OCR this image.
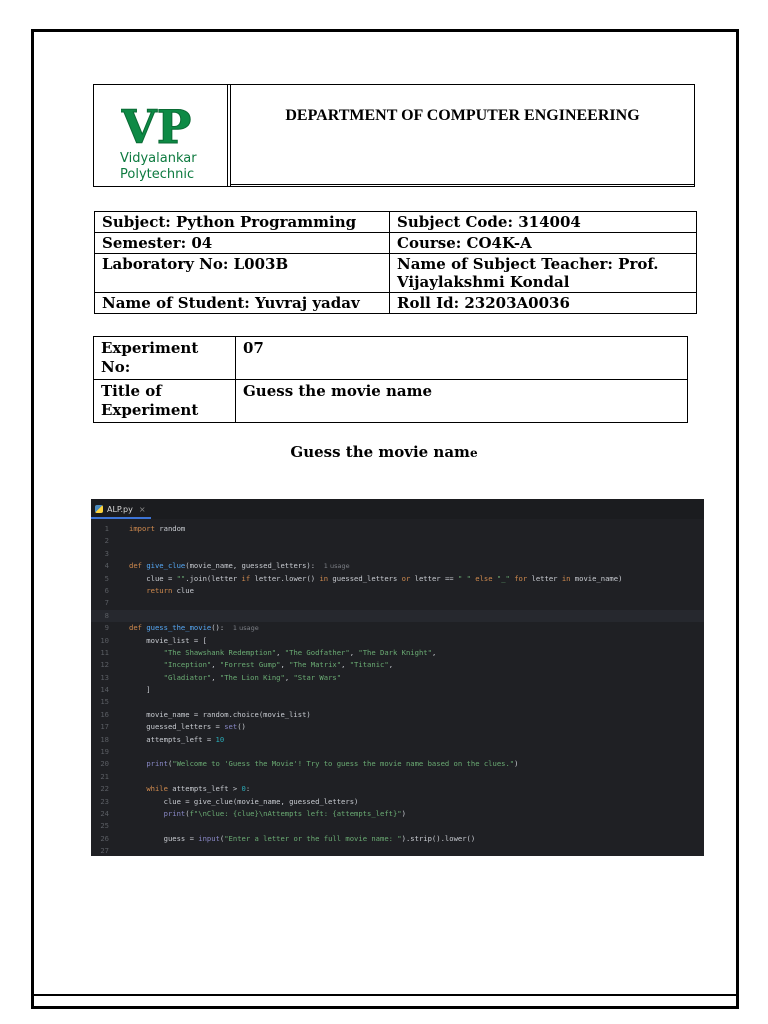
VP
Vidyalankar
Polytechnic
DEPARTMENT OF COMPUTER ENGINEERING
Subject: Python Programming	Subject Code: 314004
Semester: 04	Course: CO4K-A
Laboratory No: L003B	Name of Subject Teacher: Prof. Vijaylakshmi Kondal
Name of Student: Yuvraj yadav	Roll Id: 23203A0036
Experiment No:	07
Title of Experiment	Guess the movie name
Guess the movie name
ALP.py ×
1	import random
2
3
4	def give_clue(movie_name, guessed_letters):  1 usage
5	clue = "".join(letter if letter.lower() in guessed_letters or letter == " " else "_" for letter in movie_name)
6	return clue
7
8
9	def guess_the_movie():  1 usage
10	movie_list = [
11	"The Shawshank Redemption", "The Godfather", "The Dark Knight",
12	"Inception", "Forrest Gump", "The Matrix", "Titanic",
13	"Gladiator", "The Lion King", "Star Wars"
14	]
15
16	movie_name = random.choice(movie_list)
17	guessed_letters = set()
18	attempts_left = 10
19
20	print("Welcome to 'Guess the Movie'! Try to guess the movie name based on the clues.")
21
22	while attempts_left > 0:
23	clue = give_clue(movie_name, guessed_letters)
24	print(f"\nClue: {clue}\nAttempts left: {attempts_left}")
25
26	guess = input("Enter a letter or the full movie name: ").strip().lower()
27
